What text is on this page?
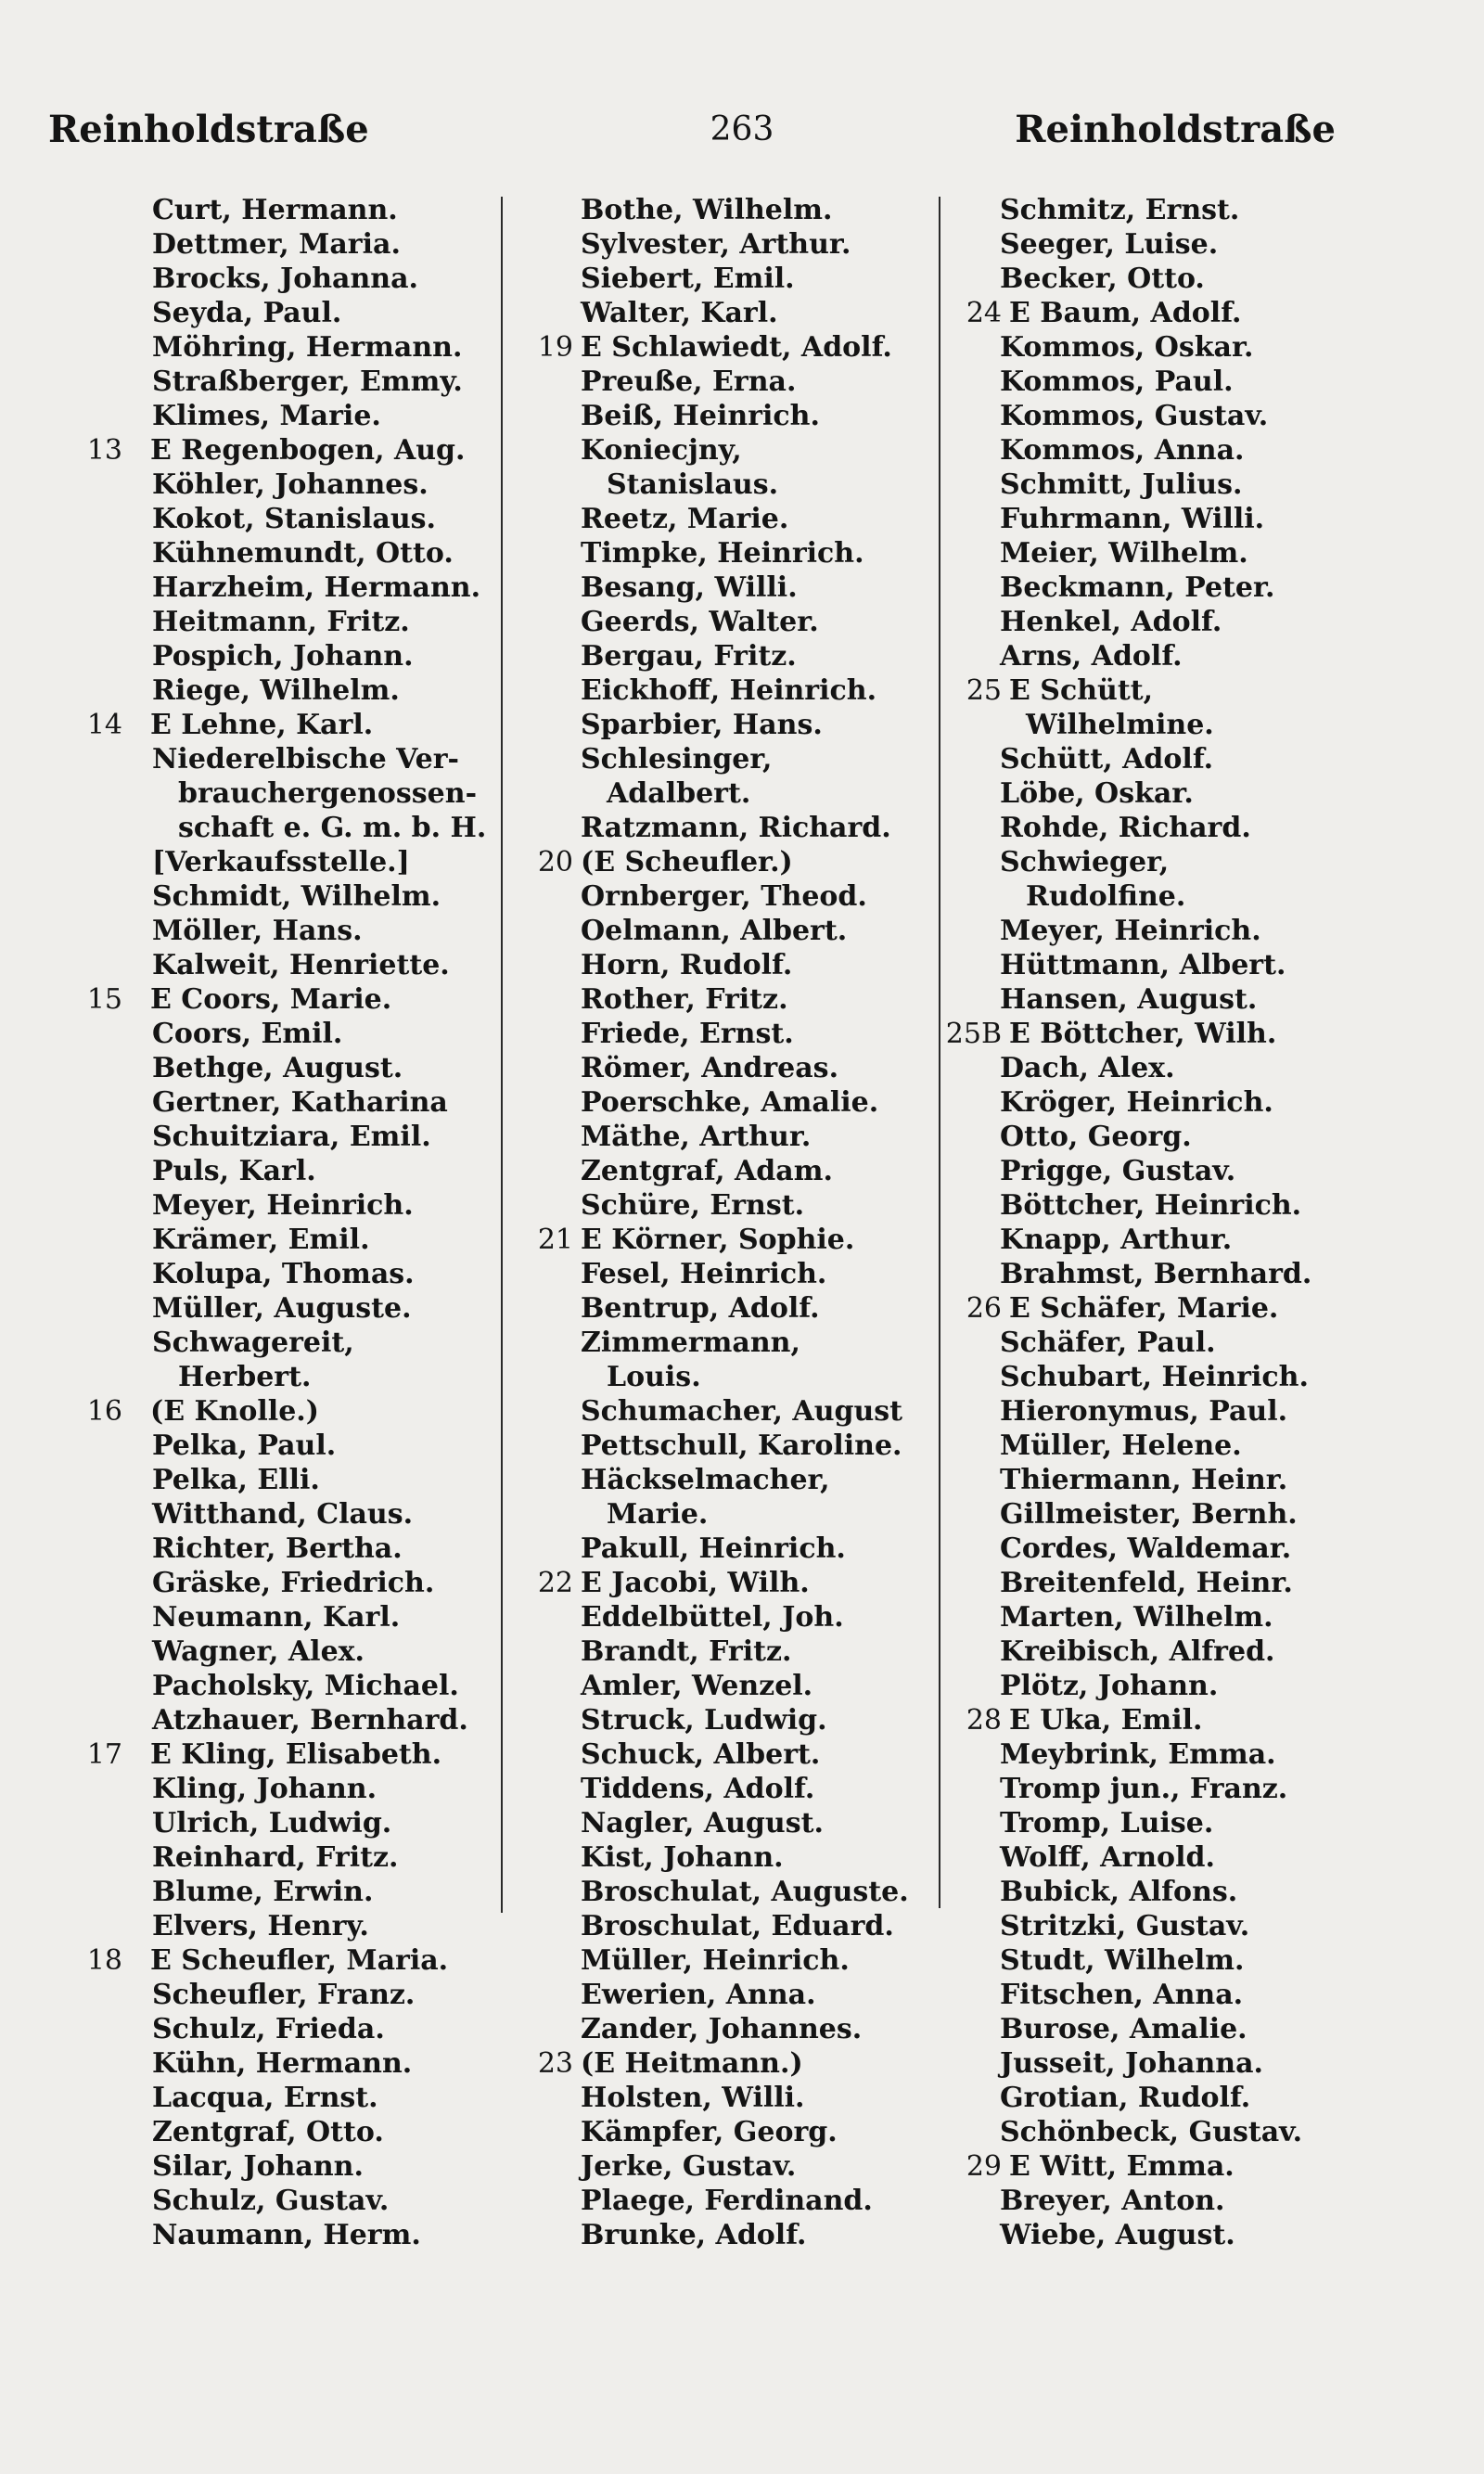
Reinholdstraße	263	Reinholdstraße
Curt, Hermann.
Dettmer, Maria.
Brocks, Johanna.
Seyda, Paul.
Möhring, Hermann.
Straßberger, Emmy.
Klimes, Marie.
13 E Regenbogen, Aug.
Köhler, Johannes.
Kokot, Stanislaus.
Kühnemundt, Otto.
Harzheim, Hermann.
Heitmann, Fritz.
Pospich, Johann.
Riege, Wilhelm.
14 E Lehne, Karl.
Niederelbische Ver-
brauchergenossen-
schaft e. G. m. b. H.
[Verkaufsstelle.]
Schmidt, Wilhelm.
Möller, Hans.
Kalweit, Henriette.
15 E Coors, Marie.
Coors, Emil.
Bethge, August.
Gertner, Katharina
Schuitziara, Emil.
Puls, Karl.
Meyer, Heinrich.
Krämer, Emil.
Kolupa, Thomas.
Müller, Auguste.
Schwagereit,
Herbert.
16 (E Knolle.)
Pelka, Paul.
Pelka, Elli.
Witthand, Claus.
Richter, Bertha.
Gräske, Friedrich.
Neumann, Karl.
Wagner, Alex.
Pacholsky, Michael.
Atzhauer, Bernhard.
17 E Kling, Elisabeth.
Kling, Johann.
Ulrich, Ludwig.
Reinhard, Fritz.
Blume, Erwin.
Elvers, Henry.
18 E Scheufler, Maria.
Scheufler, Franz.
Schulz, Frieda.
Kühn, Hermann.
Lacqua, Ernst.
Zentgraf, Otto.
Silar, Johann.
Schulz, Gustav.
Naumann, Herm.
Bothe, Wilhelm.
Sylvester, Arthur.
Siebert, Emil.
Walter, Karl.
19 E Schlawiedt, Adolf.
Preuße, Erna.
Beiß, Heinrich.
Koniecjny,
Stanislaus.
Reetz, Marie.
Timpke, Heinrich.
Besang, Willi.
Geerds, Walter.
Bergau, Fritz.
Eickhoff, Heinrich.
Sparbier, Hans.
Schlesinger,
Adalbert.
Ratzmann, Richard.
20 (E Scheufler.)
Ornberger, Theod.
Oelmann, Albert.
Horn, Rudolf.
Rother, Fritz.
Friede, Ernst.
Römer, Andreas.
Poerschke, Amalie.
Mäthe, Arthur.
Zentgraf, Adam.
Schüre, Ernst.
21 E Körner, Sophie.
Fesel, Heinrich.
Bentrup, Adolf.
Zimmermann,
Louis.
Schumacher, August
Pettschull, Karoline.
Häckselmacher,
Marie.
Pakull, Heinrich.
22 E Jacobi, Wilh.
Eddelbüttel, Joh.
Brandt, Fritz.
Amler, Wenzel.
Struck, Ludwig.
Schuck, Albert.
Tiddens, Adolf.
Nagler, August.
Kist, Johann.
Broschulat, Auguste.
Broschulat, Eduard.
Müller, Heinrich.
Ewerien, Anna.
Zander, Johannes.
23 (E Heitmann.)
Holsten, Willi.
Kämpfer, Georg.
Jerke, Gustav.
Plaege, Ferdinand.
Brunke, Adolf.
Schmitz, Ernst.
Seeger, Luise.
Becker, Otto.
24 E Baum, Adolf.
Kommos, Oskar.
Kommos, Paul.
Kommos, Gustav.
Kommos, Anna.
Schmitt, Julius.
Fuhrmann, Willi.
Meier, Wilhelm.
Beckmann, Peter.
Henkel, Adolf.
Arns, Adolf.
25 E Schütt,
Wilhelmine.
Schütt, Adolf.
Löbe, Oskar.
Rohde, Richard.
Schwieger,
Rudolfine.
Meyer, Heinrich.
Hüttmann, Albert.
Hansen, August.
25B E Böttcher, Wilh.
Dach, Alex.
Kröger, Heinrich.
Otto, Georg.
Prigge, Gustav.
Böttcher, Heinrich.
Knapp, Arthur.
Brahmst, Bernhard.
26 E Schäfer, Marie.
Schäfer, Paul.
Schubart, Heinrich.
Hieronymus, Paul.
Müller, Helene.
Thiermann, Heinr.
Gillmeister, Bernh.
Cordes, Waldemar.
Breitenfeld, Heinr.
Marten, Wilhelm.
Kreibisch, Alfred.
Plötz, Johann.
28 E Uka, Emil.
Meybrink, Emma.
Tromp jun., Franz.
Tromp, Luise.
Wolff, Arnold.
Bubick, Alfons.
Stritzki, Gustav.
Studt, Wilhelm.
Fitschen, Anna.
Burose, Amalie.
Jusseit, Johanna.
Grotian, Rudolf.
Schönbeck, Gustav.
29 E Witt, Emma.
Breyer, Anton.
Wiebe, August.
